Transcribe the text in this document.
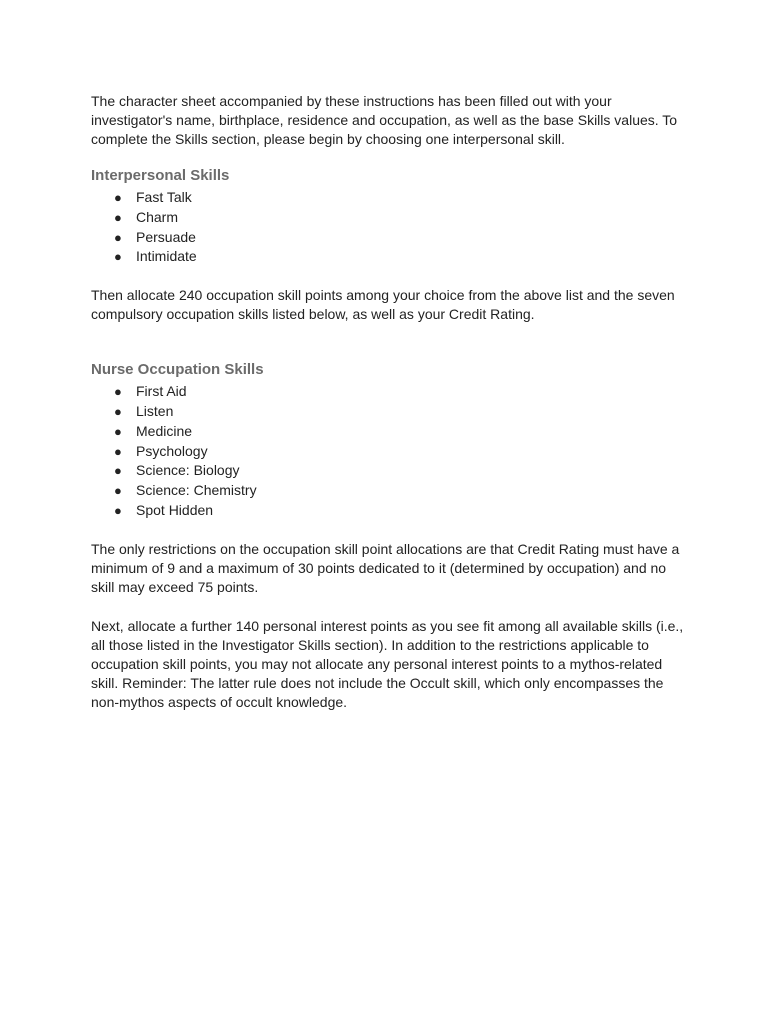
The character sheet accompanied by these instructions has been filled out with your investigator's name, birthplace, residence and occupation, as well as the base Skills values. To complete the Skills section, please begin by choosing one interpersonal skill.

Interpersonal Skills
●	Fast Talk
●	Charm
●	Persuade
●	Intimidate

Then allocate 240 occupation skill points among your choice from the above list and the seven compulsory occupation skills listed below, as well as your Credit Rating.

Nurse Occupation Skills
●	First Aid
●	Listen
●	Medicine
●	Psychology
●	Science: Biology
●	Science: Chemistry
●	Spot Hidden

The only restrictions on the occupation skill point allocations are that Credit Rating must have a minimum of 9 and a maximum of 30 points dedicated to it (determined by occupation) and no skill may exceed 75 points.

Next, allocate a further 140 personal interest points as you see fit among all available skills (i.e., all those listed in the Investigator Skills section). In addition to the restrictions applicable to occupation skill points, you may not allocate any personal interest points to a mythos-related skill. Reminder: The latter rule does not include the Occult skill, which only encompasses the non-mythos aspects of occult knowledge.
